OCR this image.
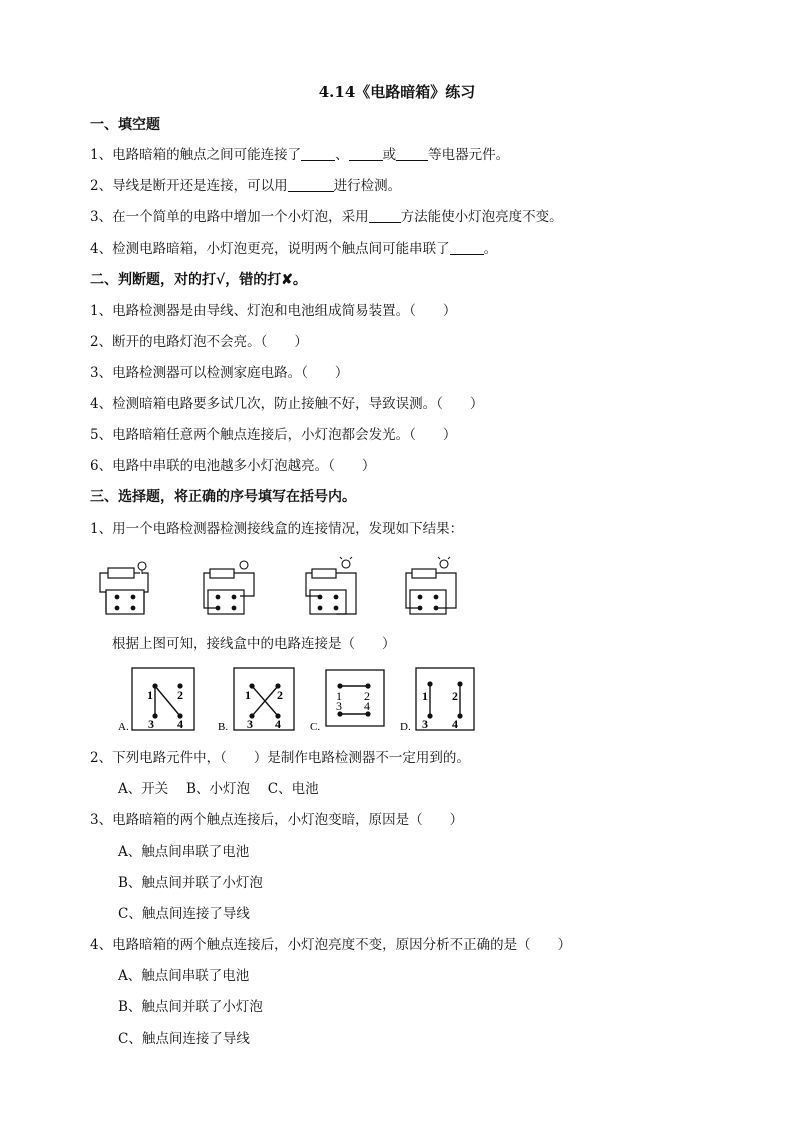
4.14《电路暗箱》练习
一、填空题
1、电路暗箱的触点之间可能连接了	、	或 等电器元件。
2、导线是断开还是连接，可以用	进行检测。
3、在一个简单的电路中增加一个小灯泡，采用 方法能使小灯泡亮度不变。
4、检测电路暗箱，小灯泡更亮，说明两个触点间可能串联了	。
二、判断题，对的打√，错的打✘。
1、电路检测器是由导线、灯泡和电池组成简易装置。（　　）
2、断开的电路灯泡不会亮。（　　）
3、电路检测器可以检测家庭电路。（　　）
4、检测暗箱电路要多试几次，防止接触不好，导致误测。（　　）
5、电路暗箱任意两个触点连接后，小灯泡都会发光。（　　）
6、电路中串联的电池越多小灯泡越亮。（　　）
三、选择题，将正确的序号填写在括号内。
1、用一个电路检测器检测接线盒的连接情况，发现如下结果：
根据上图可知，接线盒中的电路连接是（　　）
A.
1 2
3 4	B.
1 2
3 4	C.
1 2
3 4
D.
1 2
3 4
2、下列电路元件中，（　　）是制作电路检测器不一定用到的。
A、开关　 B、小灯泡　 C、电池
3、电路暗箱的两个触点连接后，小灯泡变暗，原因是（　　）
A、触点间串联了电池
B、触点间并联了小灯泡
C、触点间连接了导线
4、电路暗箱的两个触点连接后，小灯泡亮度不变，原因分析不正确的是（　　）
A、触点间串联了电池
B、触点间并联了小灯泡
C、触点间连接了导线
